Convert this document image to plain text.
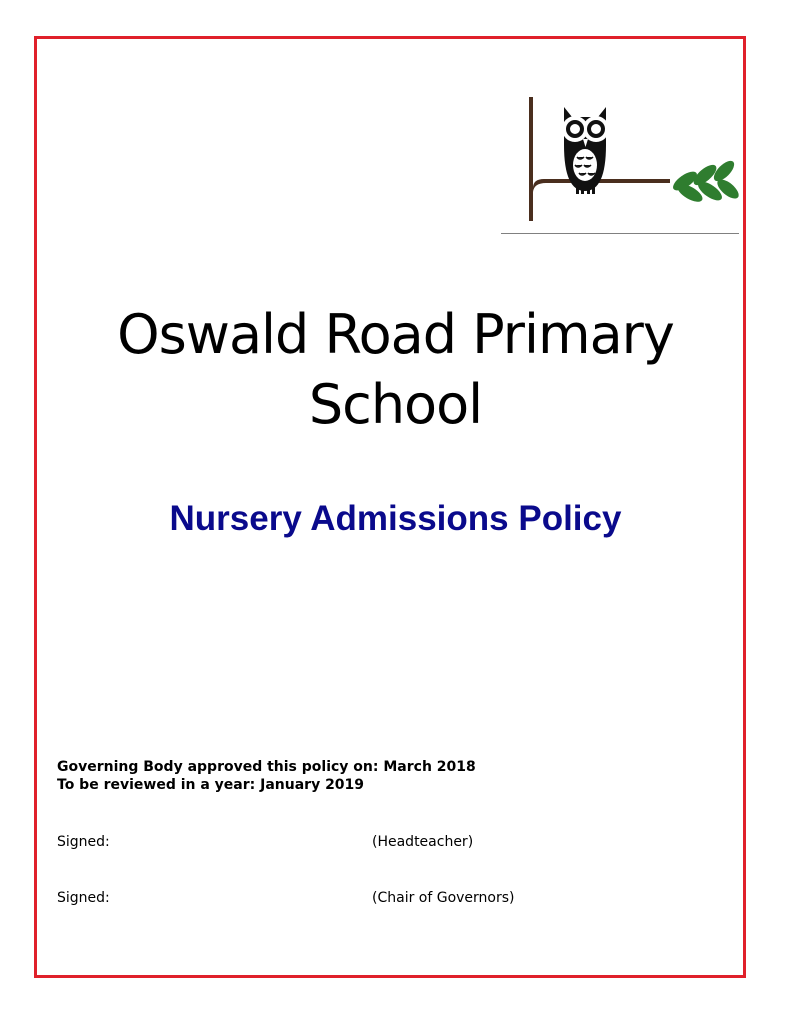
Oswald Road Primary
School
Nursery Admissions Policy
Governing Body approved this policy on: March 2018
To be reviewed in a year: January 2019
Signed:	(Headteacher)
Signed:	(Chair of Governors)
